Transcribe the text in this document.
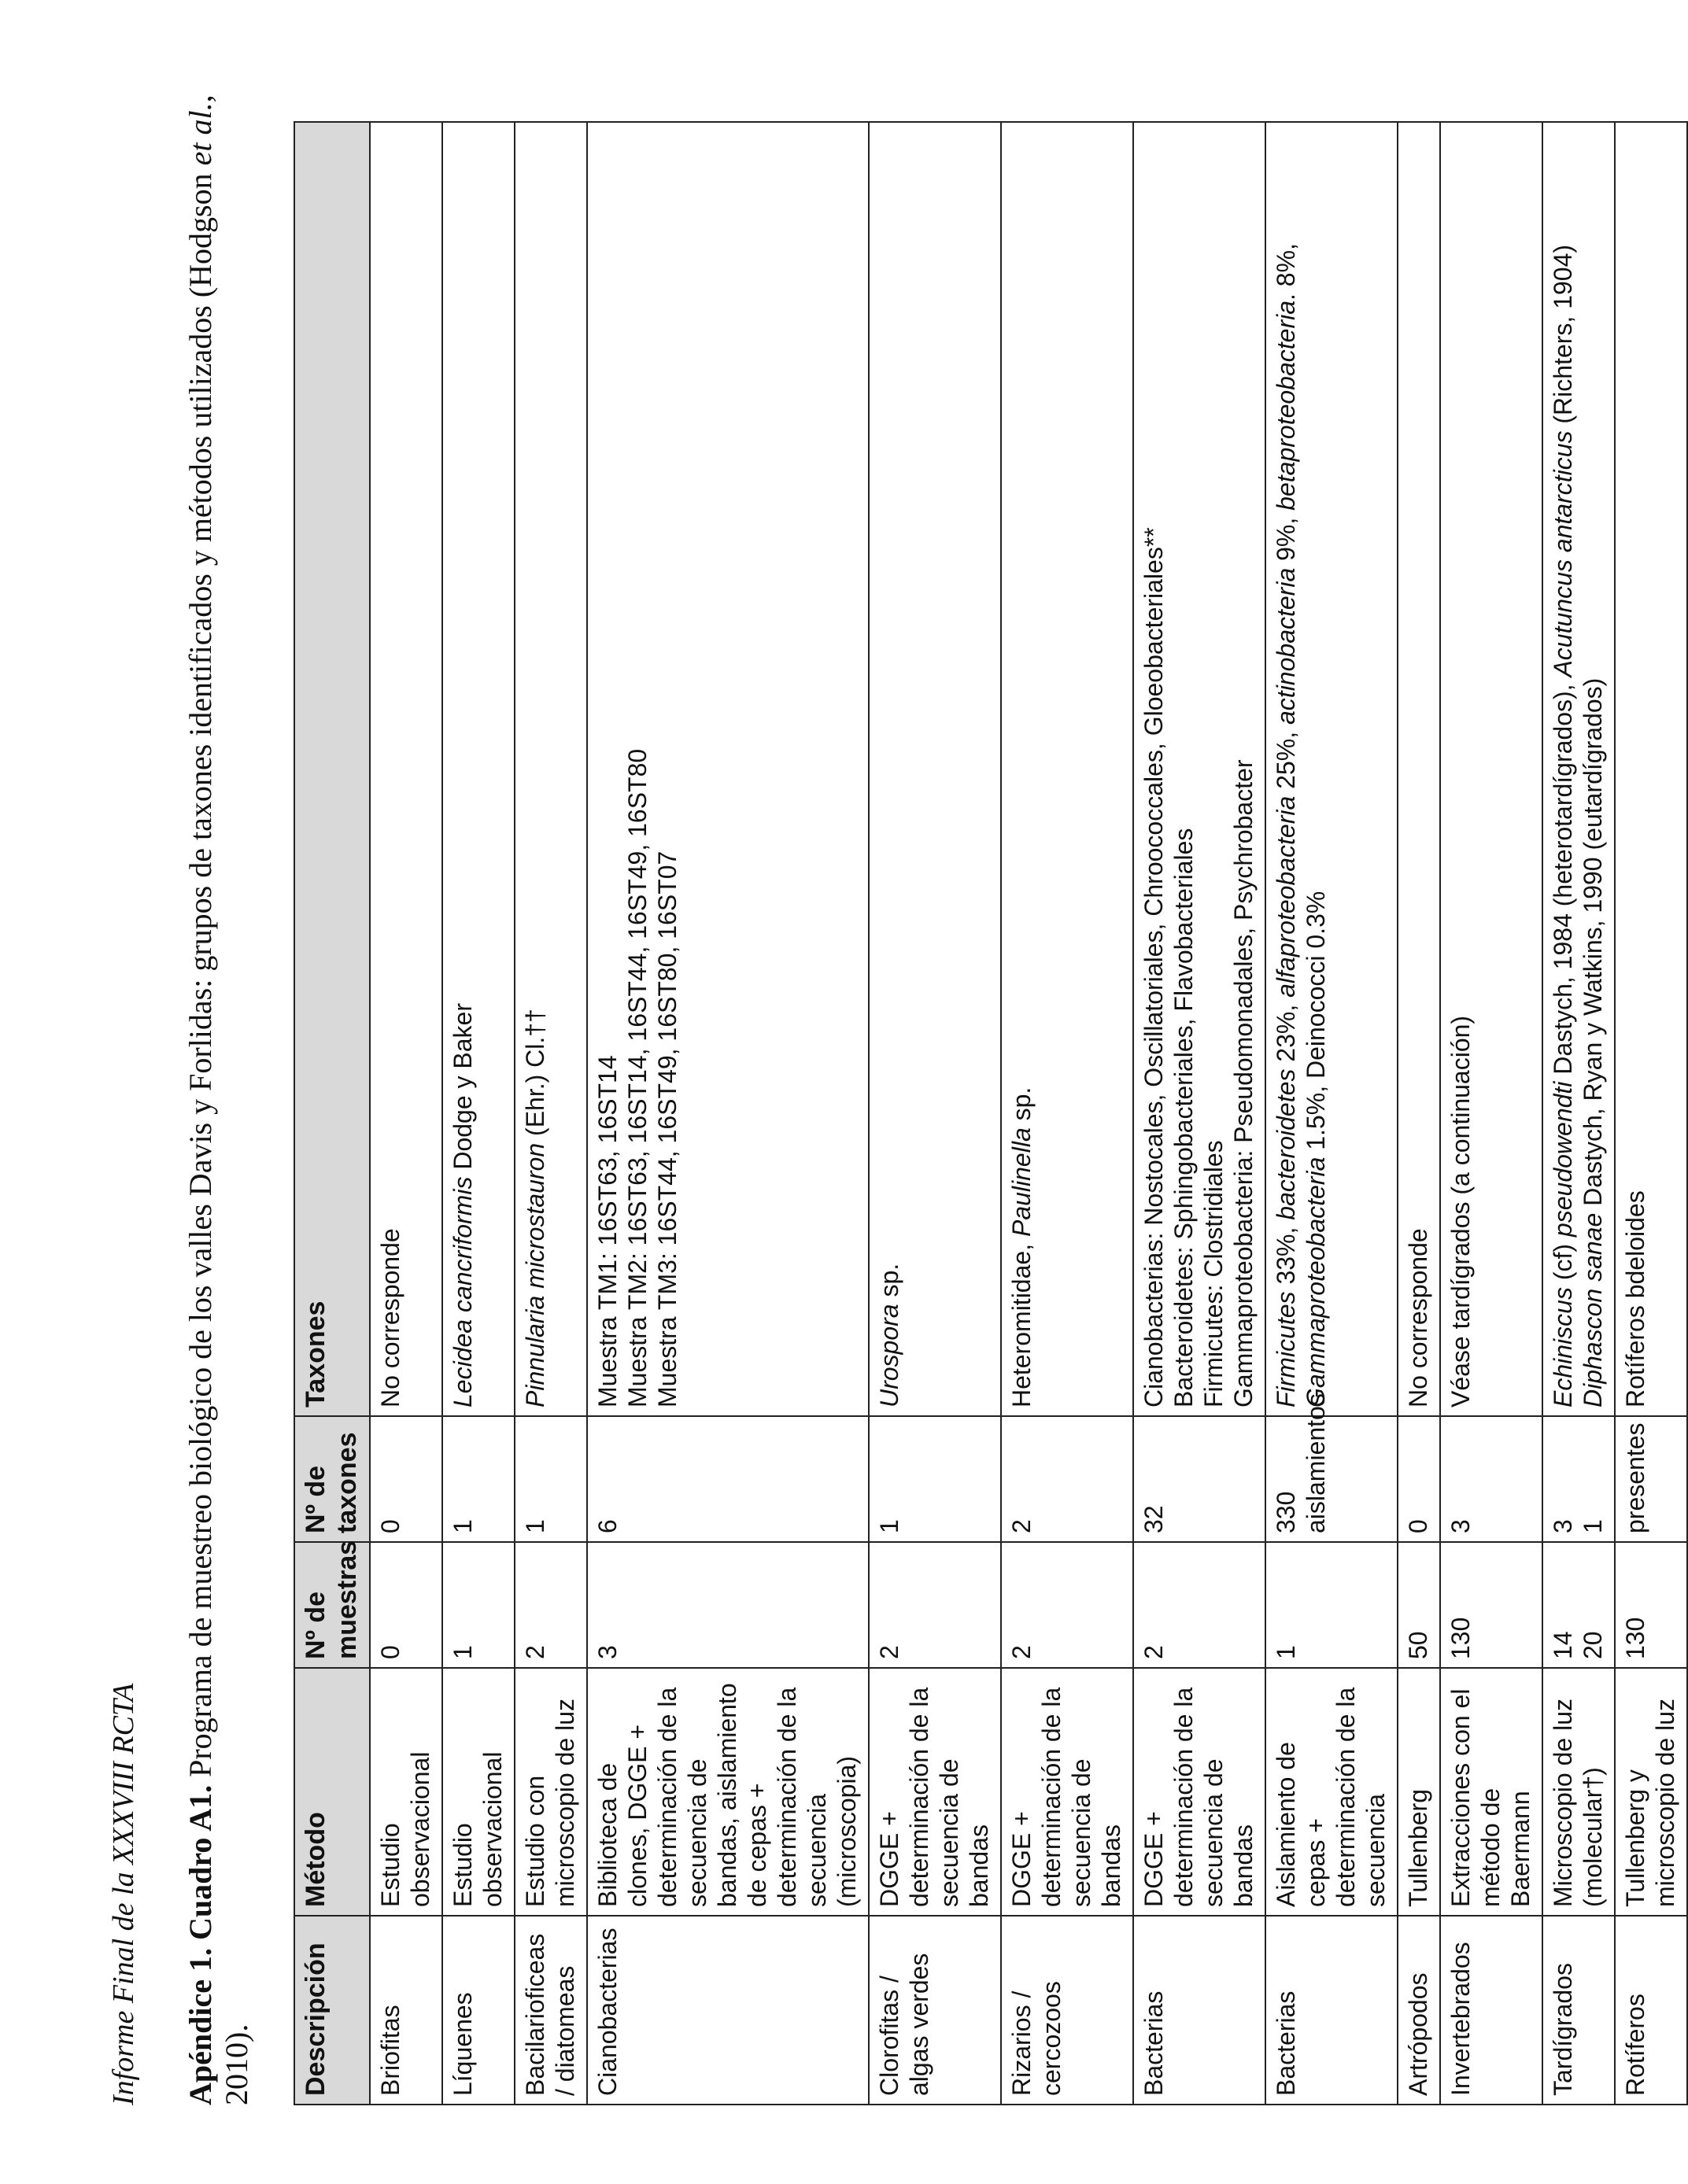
Informe Final de la XXXVIII RCTA Apéndice 1. Cuadro A1. Programa de muestreo biológico de los valles Davis y Forlidas: grupos de taxones identificados y métodos utilizados (Hodgson et al., 2010). Descripción	Método	Nº de muestras	Nº de taxones	Taxones

Briofitas	Estudio observacional	0	0	No corresponde

Líquenes	Estudio observacional	1	1	Lecidea cancriformis Dodge y Baker

Bacilarioficeas / diatomeas	Estudio con microscopio de luz	2	1	Pinnularia microstauron (Ehr.) Cl.††

Cianobacterias	Biblioteca de clones, DGGE + determinación de la secuencia de bandas, aislamiento de cepas + determinación de la secuencia (microscopia)	3	6	Muestra TM1: 16ST63, 16ST14 Muestra TM2: 16ST63, 16ST14, 16ST44, 16ST49, 16ST80 Muestra TM3: 16ST44, 16ST49, 16ST80, 16ST07

Clorofitas / algas verdes	DGGE + determinación de la secuencia de bandas	2	1	Urospora sp.

Rizarios / cercozoos	DGGE + determinación de la secuencia de bandas	2	2	Heteromitidae, Paulinella sp.

Bacterias	DGGE + determinación de la secuencia de bandas	2	32	Cianobacterias: Nostocales, Oscillatoriales, Chroococcales, Gloeobacteriales** Bacteroidetes: Sphingobacteriales, Flavobacteriales Firmicutes: Clostridiales Gammaproteobacteria: Pseudomonadales, Psychrobacter

Bacterias	Aislamiento de cepas + determinación de la secuencia	1	330 aislamientos	Firmicutes 33%, bacteroidetes 23%, alfaproteobacteria 25%, actinobacteria 9%, betaproteobacteria. 8%, Gammaproteobacteria 1.5%, Deinococci 0.3%

Artrópodos	Tullenberg	50	0	No corresponde

Invertebrados	Extracciones con el método de Baermann	130	3	Véase tardígrados (a continuación)

Tardígrados	Microscopio de luz (molecular†)	14 20	3 1	Echiniscus (cf) pseudowendti Dastych, 1984 (heterotardígrados), Acutuncus antarcticus (Richters, 1904)
Diphascon sanae Dastych, Ryan y Watkins, 1990 (eutardígrados)

Rotíferos	Tullenberg y microscopio de luz	130	presentes	Rotíferos bdeloides
